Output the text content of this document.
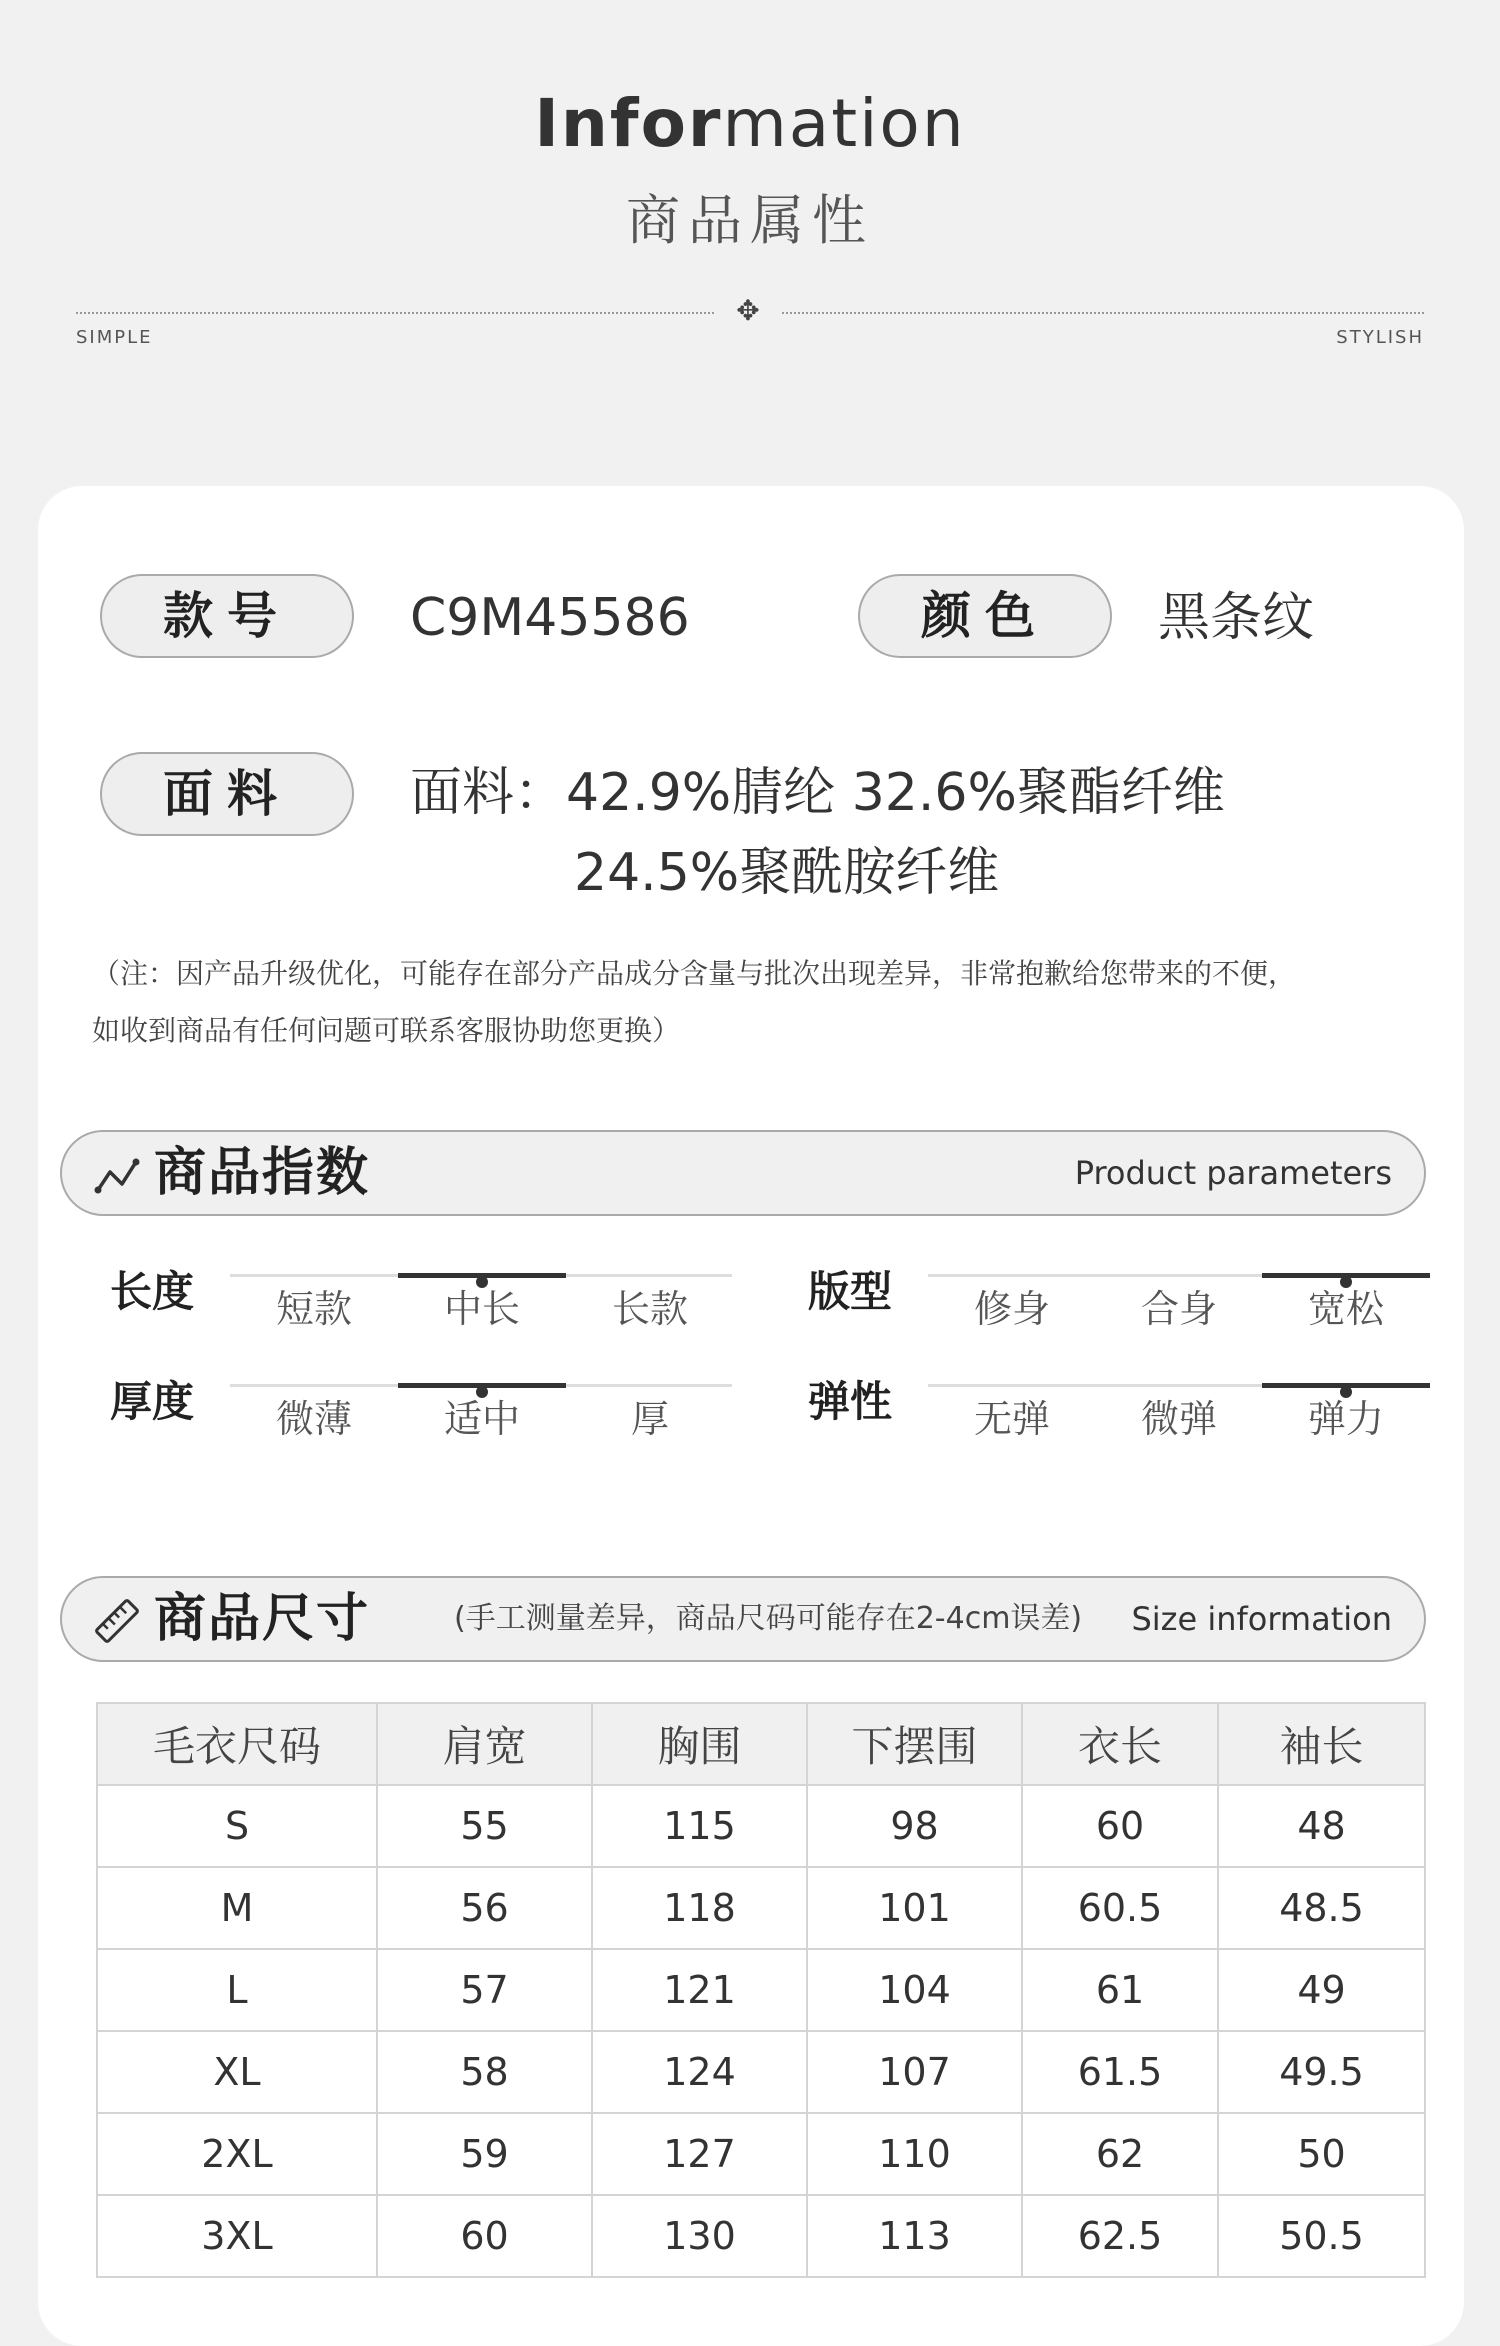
Information
商品属性
✥
SIMPLE	STYLISH
款号	C9M45586	颜色	黑条纹
面料	面料：42.9%腈纶 32.6%聚酯纤维
24.5%聚酰胺纤维
（注：因产品升级优化，可能存在部分产品成分含量与批次出现差异，非常抱歉给您带来的不便，
如收到商品有任何问题可联系客服协助您更换）
商品指数	Product parameters
长度	短款	中长	长款	版型	修身	合身	宽松
厚度	微薄	适中	厚	弹性	无弹	微弹	弹力
商品尺寸	(手工测量差异，商品尺码可能存在2-4cm误差) Size information
毛衣尺码	肩宽	胸围	下摆围	衣长	袖长
S	55	115	98	60	48
M	56	118	101	60.5	48.5
L	57	121	104	61	49
XL	58	124	107	61.5	49.5
2XL	59	127	110	62	50
3XL	60	130	113	62.5	50.5
